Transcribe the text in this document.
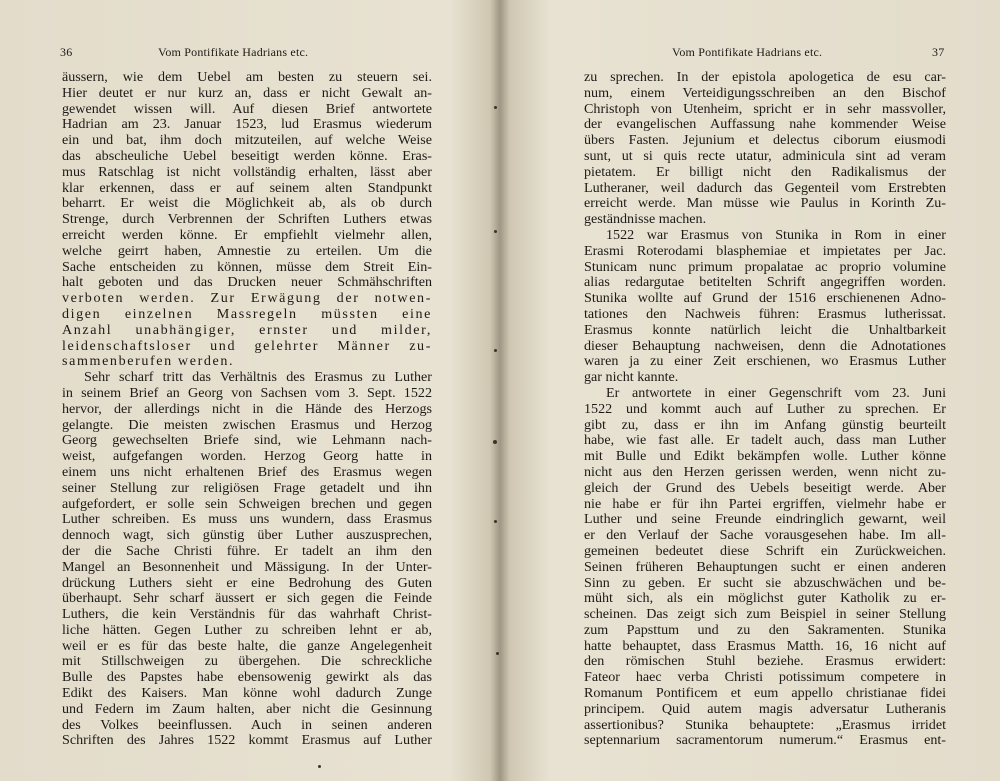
36	Vom Pontifikate Hadrians etc.
äussern, wie dem Uebel am besten zu steuern sei.
Hier deutet er nur kurz an, dass er nicht Gewalt an-
gewendet wissen will. Auf diesen Brief antwortete
Hadrian am 23. Januar 1523, lud Erasmus wiederum
ein und bat, ihm doch mitzuteilen, auf welche Weise
das abscheuliche Uebel beseitigt werden könne. Eras-
mus Ratschlag ist nicht vollständig erhalten, lässt aber
klar erkennen, dass er auf seinem alten Standpunkt
beharrt. Er weist die Möglichkeit ab, als ob durch
Strenge, durch Verbrennen der Schriften Luthers etwas
erreicht werden könne. Er empfiehlt vielmehr allen,
welche geirrt haben, Amnestie zu erteilen. Um die
Sache entscheiden zu können, müsse dem Streit Ein-
halt geboten und das Drucken neuer Schmähschriften
verboten werden. Zur Erwägung der notwen-
digen einzelnen Massregeln müssten eine
Anzahl unabhängiger, ernster und milder,
leidenschaftsloser und gelehrter Männer zu-
sammenberufen werden.
Sehr scharf tritt das Verhältnis des Erasmus zu Luther
in seinem Brief an Georg von Sachsen vom 3. Sept. 1522
hervor, der allerdings nicht in die Hände des Herzogs
gelangte. Die meisten zwischen Erasmus und Herzog
Georg gewechselten Briefe sind, wie Lehmann nach-
weist, aufgefangen worden. Herzog Georg hatte in
einem uns nicht erhaltenen Brief des Erasmus wegen
seiner Stellung zur religiösen Frage getadelt und ihn
aufgefordert, er solle sein Schweigen brechen und gegen
Luther schreiben. Es muss uns wundern, dass Erasmus
dennoch wagt, sich günstig über Luther auszusprechen,
der die Sache Christi führe. Er tadelt an ihm den
Mangel an Besonnenheit und Mässigung. In der Unter-
drückung Luthers sieht er eine Bedrohung des Guten
überhaupt. Sehr scharf äussert er sich gegen die Feinde
Luthers, die kein Verständnis für das wahrhaft Christ-
liche hätten. Gegen Luther zu schreiben lehnt er ab,
weil er es für das beste halte, die ganze Angelegenheit
mit Stillschweigen zu übergehen. Die schreckliche
Bulle des Papstes habe ebensowenig gewirkt als das
Edikt des Kaisers. Man könne wohl dadurch Zunge
und Federn im Zaum halten, aber nicht die Gesinnung
des Volkes beeinflussen. Auch in seinen anderen
Schriften des Jahres 1522 kommt Erasmus auf Luther
Vom Pontifikate Hadrians etc.	37
zu sprechen. In der epistola apologetica de esu car-
num, einem Verteidigungsschreiben an den Bischof
Christoph von Utenheim, spricht er in sehr massvoller,
der evangelischen Auffassung nahe kommender Weise
übers Fasten. Jejunium et delectus ciborum eiusmodi
sunt, ut si quis recte utatur, adminicula sint ad veram
pietatem. Er billigt nicht den Radikalismus der
Lutheraner, weil dadurch das Gegenteil vom Erstrebten
erreicht werde. Man müsse wie Paulus in Korinth Zu-
geständnisse machen.
1522 war Erasmus von Stunika in Rom in einer
Erasmi Roterodami blasphemiae et impietates per Jac.
Stunicam nunc primum propalatae ac proprio volumine
alias redargutae betitelten Schrift angegriffen worden.
Stunika wollte auf Grund der 1516 erschienenen Adno-
tationes den Nachweis führen: Erasmus lutherissat.
Erasmus konnte natürlich leicht die Unhaltbarkeit
dieser Behauptung nachweisen, denn die Adnotationes
waren ja zu einer Zeit erschienen, wo Erasmus Luther
gar nicht kannte.
Er antwortete in einer Gegenschrift vom 23. Juni
1522 und kommt auch auf Luther zu sprechen. Er
gibt zu, dass er ihn im Anfang günstig beurteilt
habe, wie fast alle. Er tadelt auch, dass man Luther
mit Bulle und Edikt bekämpfen wolle. Luther könne
nicht aus den Herzen gerissen werden, wenn nicht zu-
gleich der Grund des Uebels beseitigt werde. Aber
nie habe er für ihn Partei ergriffen, vielmehr habe er
Luther und seine Freunde eindringlich gewarnt, weil
er den Verlauf der Sache vorausgesehen habe. Im all-
gemeinen bedeutet diese Schrift ein Zurückweichen.
Seinen früheren Behauptungen sucht er einen anderen
Sinn zu geben. Er sucht sie abzuschwächen und be-
müht sich, als ein möglichst guter Katholik zu er-
scheinen. Das zeigt sich zum Beispiel in seiner Stellung
zum Papsttum und zu den Sakramenten. Stunika
hatte behauptet, dass Erasmus Matth. 16, 16 nicht auf
den römischen Stuhl beziehe. Erasmus erwidert:
Fateor haec verba Christi potissimum competere in
Romanum Pontificem et eum appello christianae fidei
principem. Quid autem magis adversatur Lutheranis
assertionibus? Stunika behauptete: „Erasmus irridet
septennarium sacramentorum numerum.“ Erasmus ent-
